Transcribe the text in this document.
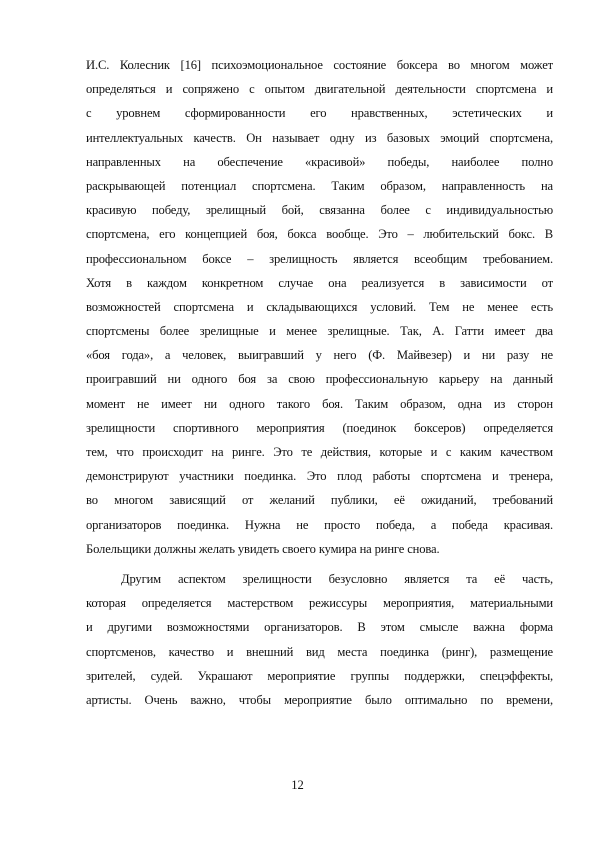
И.С. Колесник [16] психоэмоциональное состояние боксера во многом может
определяться и сопряжено с опытом двигательной деятельности спортсмена и
с уровнем сформированности его нравственных, эстетических и
интеллектуальных качеств. Он называет одну из базовых эмоций спортсмена,
направленных на обеспечение «красивой» победы, наиболее полно
раскрывающей потенциал спортсмена. Таким образом, направленность на
красивую победу, зрелищный бой, связанна более с индивидуальностью
спортсмена, его концепцией боя, бокса вообще. Это – любительский бокс. В
профессиональном боксе – зрелищность является всеобщим требованием.
Хотя в каждом конкретном случае она реализуется в зависимости от
возможностей спортсмена и складывающихся условий. Тем не менее есть
спортсмены более зрелищные и менее зрелищные. Так, А. Гатти имеет два
«боя года», а человек, выигравший у него (Ф. Майвезер) и ни разу не
проигравший ни одного боя за свою профессиональную карьеру на данный
момент не имеет ни одного такого боя. Таким образом, одна из сторон
зрелищности спортивного мероприятия (поединок боксеров) определяется
тем, что происходит на ринге. Это те действия, которые и с каким качеством
демонстрируют участники поединка. Это плод работы спортсмена и тренера,
во многом зависящий от желаний публики, её ожиданий, требований
организаторов поединка. Нужна не просто победа, а победа красивая.
Болельщики должны желать увидеть своего кумира на ринге снова.
Другим аспектом зрелищности безусловно является та её часть,
которая определяется мастерством режиссуры мероприятия, материальными
и другими возможностями организаторов. В этом смысле важна форма
спортсменов, качество и внешний вид места поединка (ринг), размещение
зрителей, судей. Украшают мероприятие группы поддержки, спецэффекты,
артисты. Очень важно, чтобы мероприятие было оптимально по времени,
12
